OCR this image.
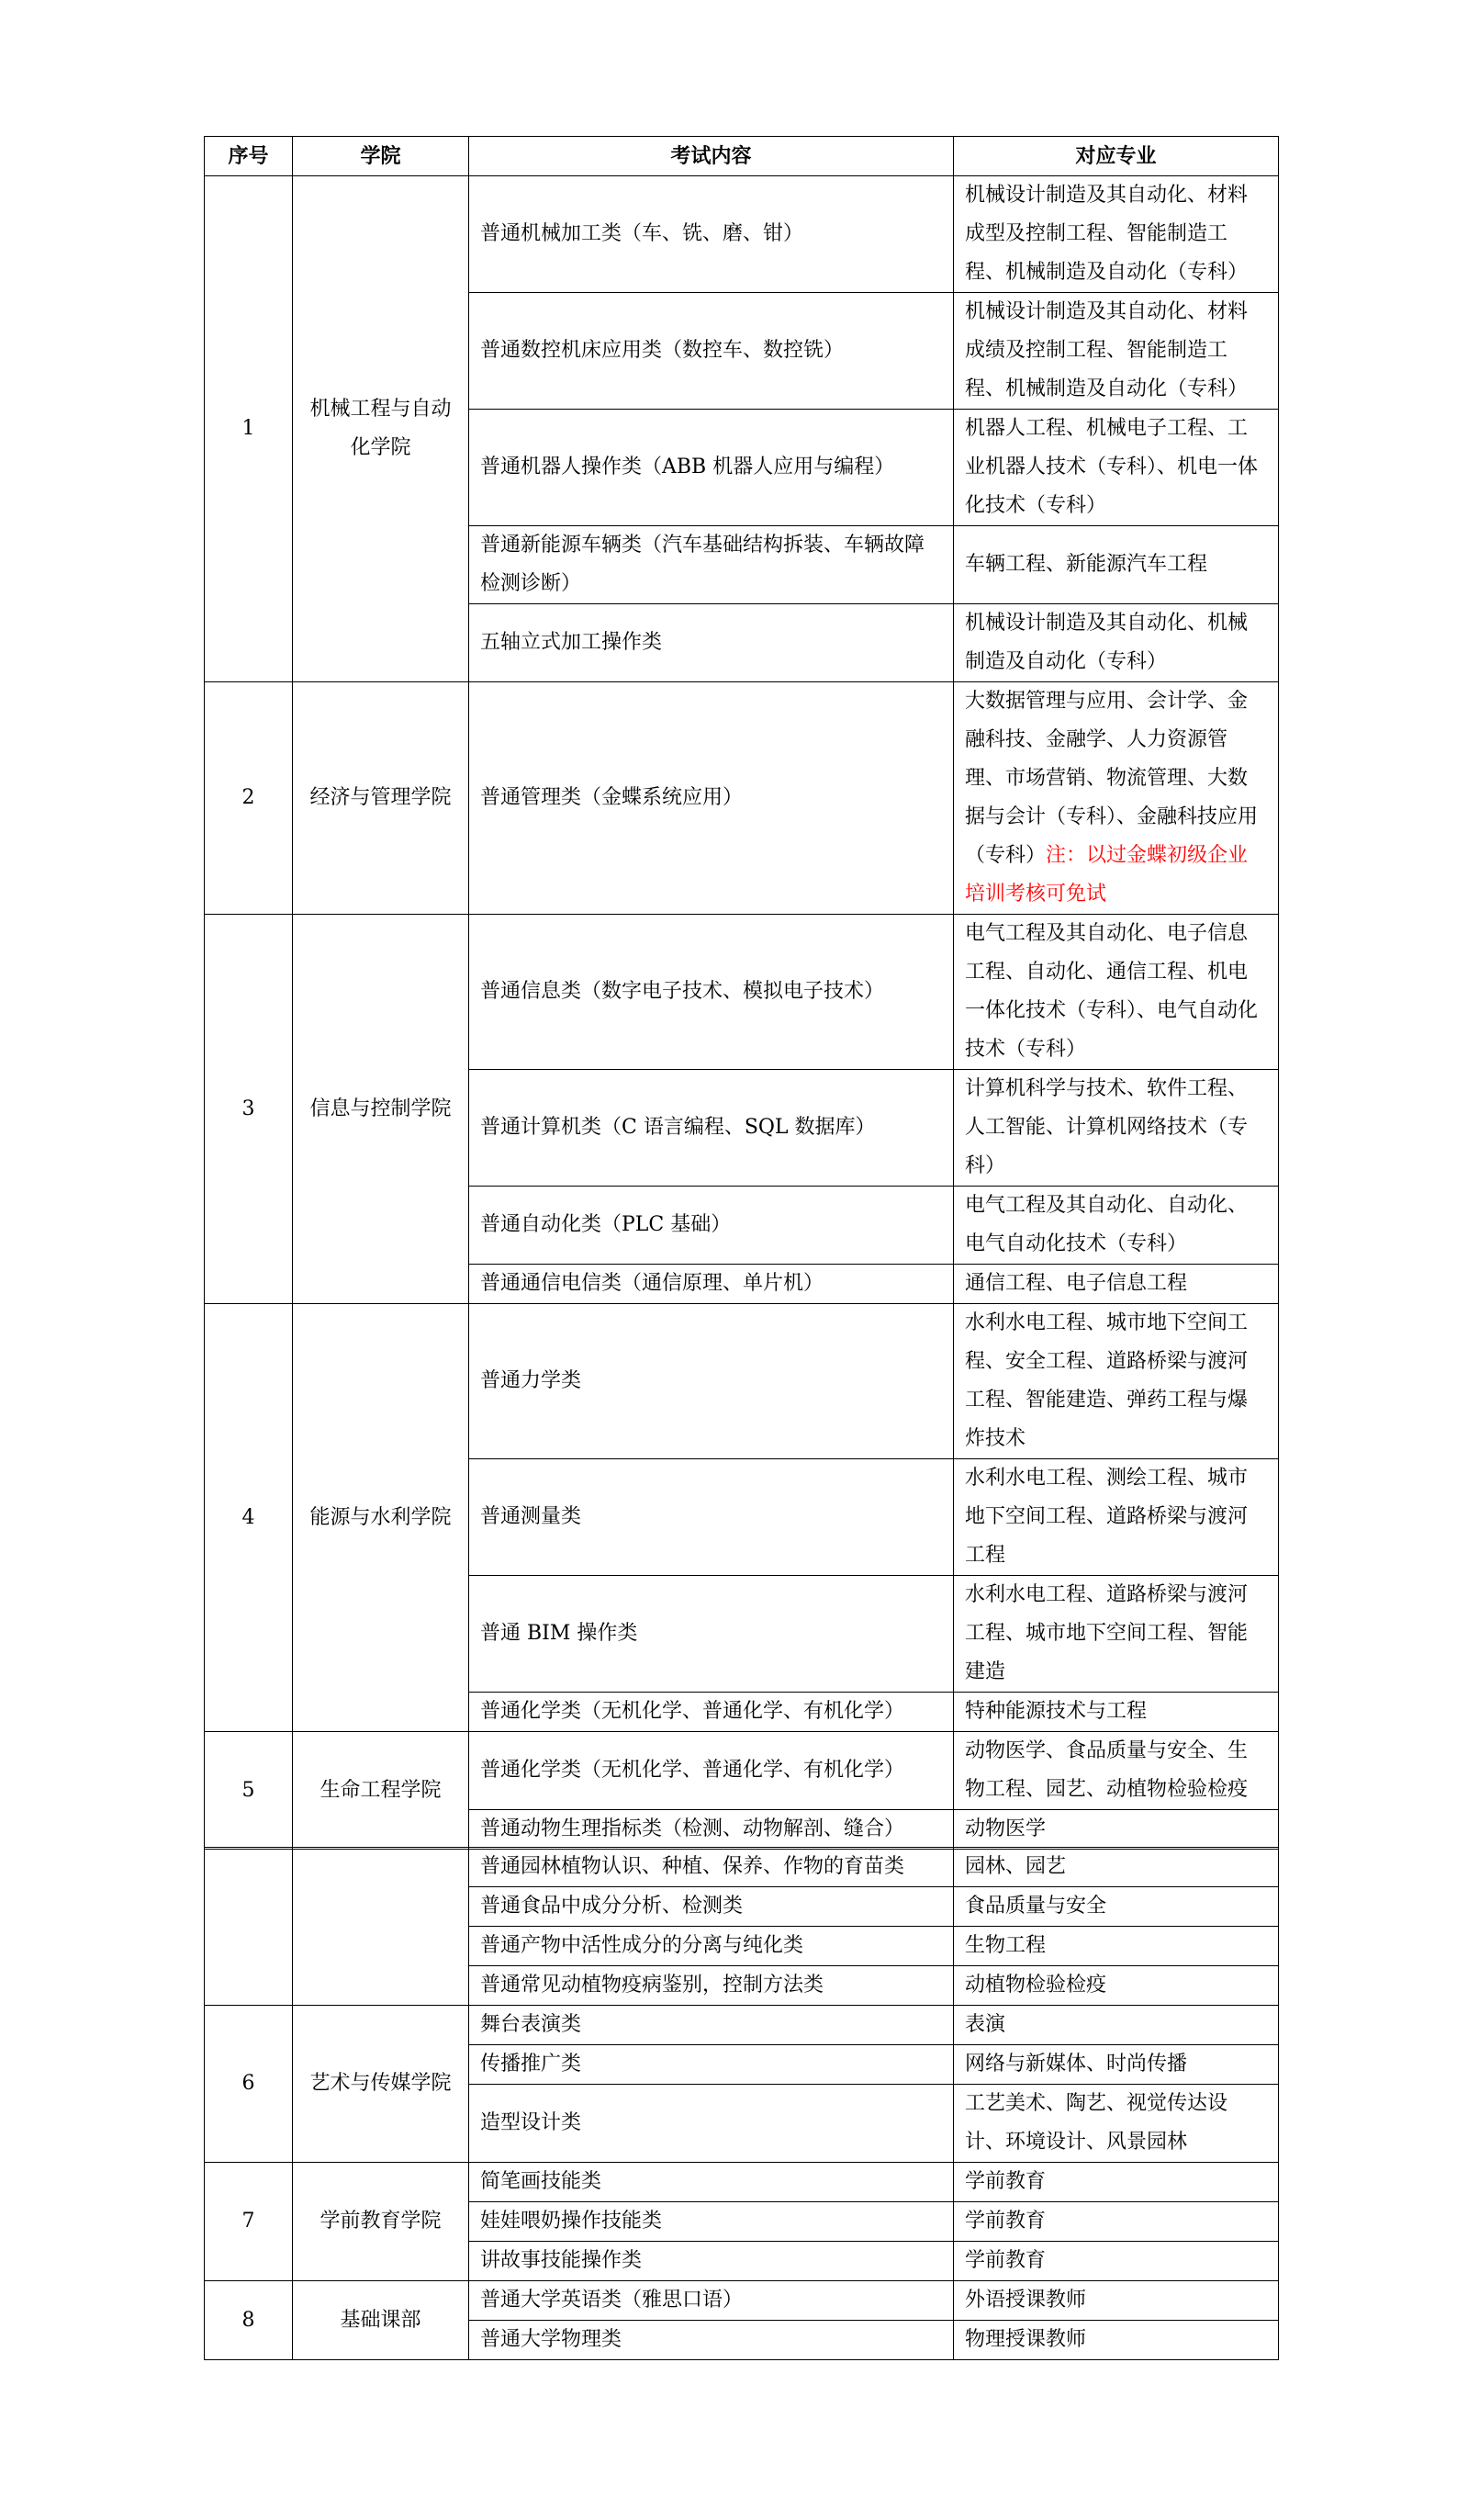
序号	学院	考试内容	对应专业
1	机械工程与自动化学院	普通机械加工类（车、铣、磨、钳）	机械设计制造及其自动化、材料成型及控制工程、智能制造工程、机械制造及自动化（专科）
		普通数控机床应用类（数控车、数控铣）	机械设计制造及其自动化、材料成绩及控制工程、智能制造工程、机械制造及自动化（专科）
		普通机器人操作类（ABB 机器人应用与编程）	机器人工程、机械电子工程、工业机器人技术（专科）、机电一体化技术（专科）
		普通新能源车辆类（汽车基础结构拆装、车辆故障检测诊断）	车辆工程、新能源汽车工程
		五轴立式加工操作类	机械设计制造及其自动化、机械制造及自动化（专科）
2	经济与管理学院	普通管理类（金蝶系统应用）	大数据管理与应用、会计学、金融科技、金融学、人力资源管理、市场营销、物流管理、大数据与会计（专科）、金融科技应用（专科）注：以过金蝶初级企业培训考核可免试
3	信息与控制学院	普通信息类（数字电子技术、模拟电子技术）	电气工程及其自动化、电子信息工程、自动化、通信工程、机电一体化技术（专科）、电气自动化技术（专科）
		普通计算机类（C 语言编程、SQL 数据库）	计算机科学与技术、软件工程、人工智能、计算机网络技术（专科）
		普通自动化类（PLC 基础）	电气工程及其自动化、自动化、电气自动化技术（专科）
		普通通信电信类（通信原理、单片机）	通信工程、电子信息工程
4	能源与水利学院	普通力学类	水利水电工程、城市地下空间工程、安全工程、道路桥梁与渡河工程、智能建造、弹药工程与爆炸技术
		普通测量类	水利水电工程、测绘工程、城市地下空间工程、道路桥梁与渡河工程
		普通 BIM 操作类	水利水电工程、道路桥梁与渡河工程、城市地下空间工程、智能建造
		普通化学类（无机化学、普通化学、有机化学）	特种能源技术与工程
5	生命工程学院	普通化学类（无机化学、普通化学、有机化学）	动物医学、食品质量与安全、生物工程、园艺、动植物检验检疫
		普通动物生理指标类（检测、动物解剖、缝合）	动物医学
		普通园林植物认识、种植、保养、作物的育苗类	园林、园艺
		普通食品中成分分析、检测类	食品质量与安全
		普通产物中活性成分的分离与纯化类	生物工程
		普通常见动植物疫病鉴别，控制方法类	动植物检验检疫
6	艺术与传媒学院	舞台表演类	表演
		传播推广类	网络与新媒体、时尚传播
		造型设计类	工艺美术、陶艺、视觉传达设计、环境设计、风景园林
7	学前教育学院	简笔画技能类	学前教育
		娃娃喂奶操作技能类	学前教育
		讲故事技能操作类	学前教育
8	基础课部	普通大学英语类（雅思口语）	外语授课教师
		普通大学物理类	物理授课教师
